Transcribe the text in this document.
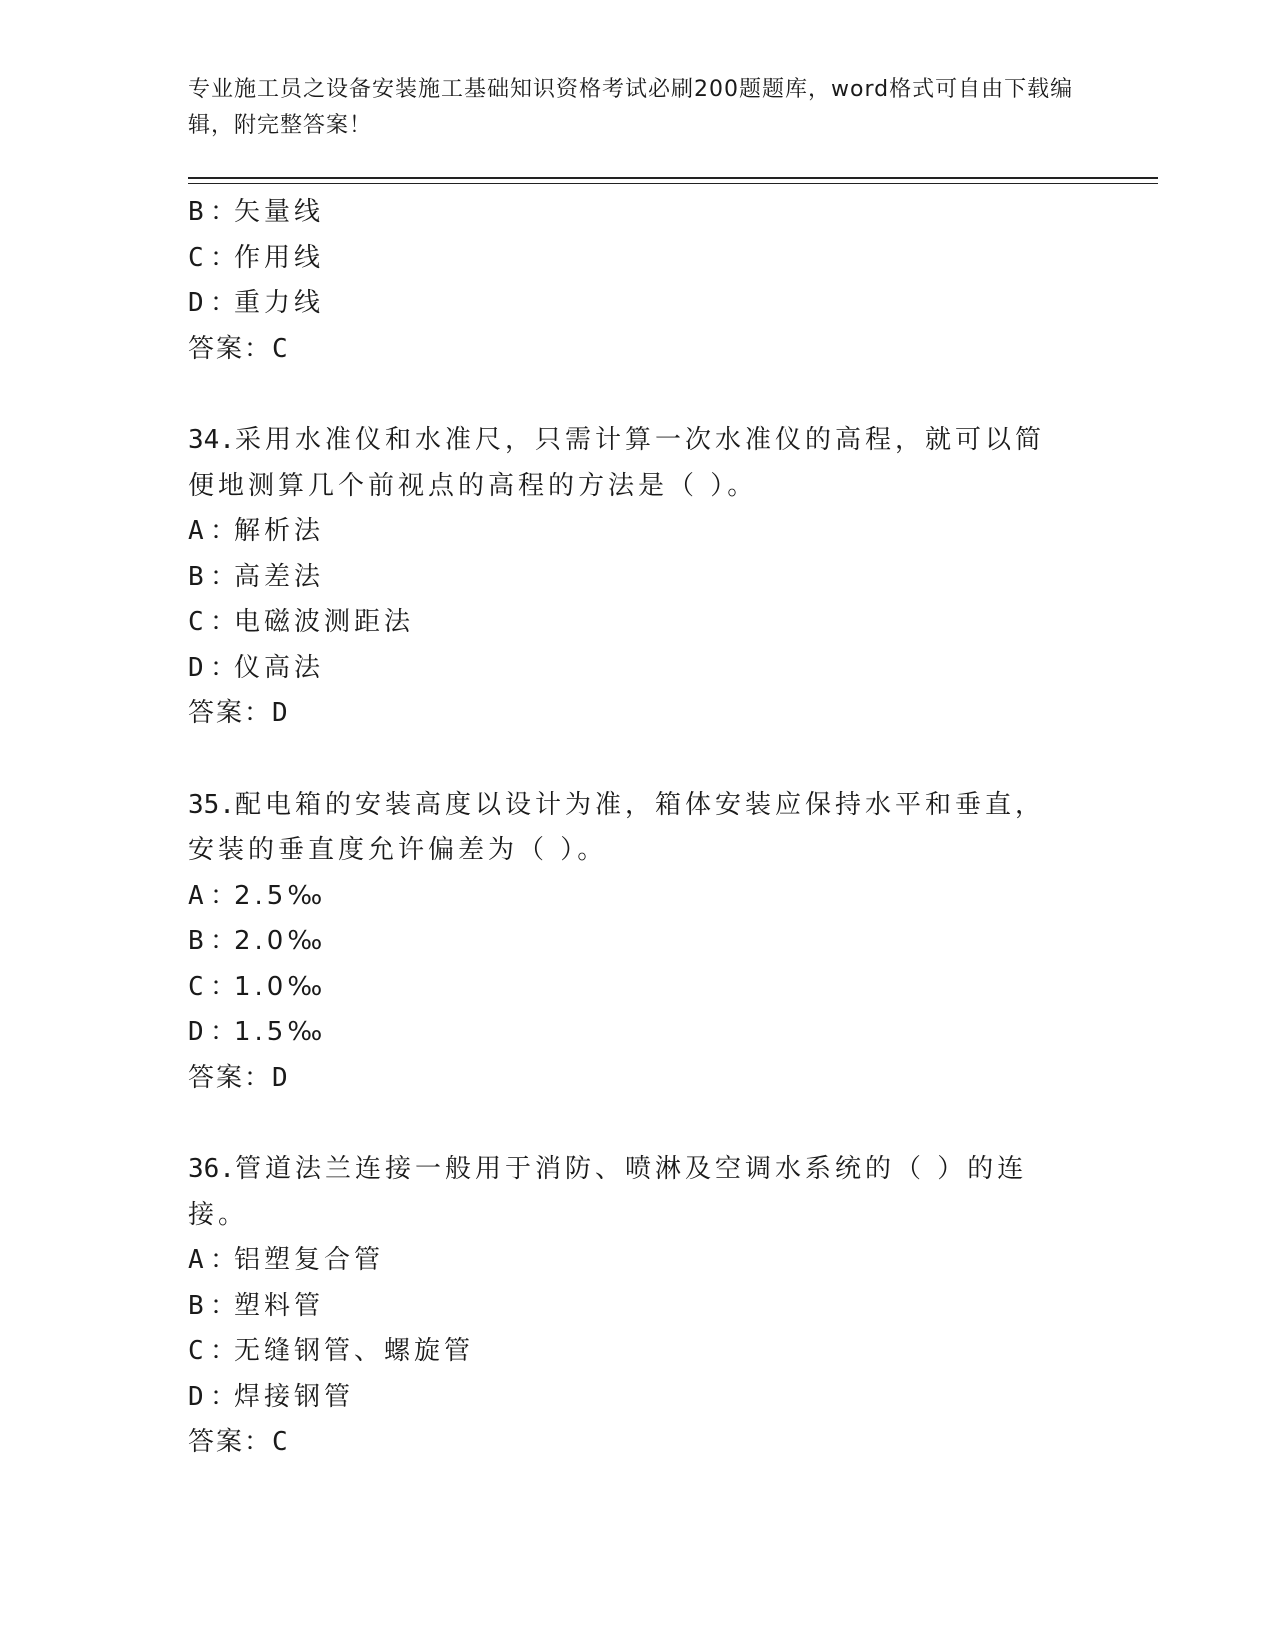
专业施工员之设备安装施工基础知识资格考试必刷200题题库，word格式可自由下载编辑，附完整答案！
B ：
矢量线
C ：
作用线
D ：
重力线
答案：C
34.采用水准仪和水准尺，只需计算一次水准仪的高程，就可以简便地测算几个前视点的高程的方法是（ ）。
A ：
解析法
B ：
高差法
C ：
电磁波测距法
D ：
仪高法
答案：D
35.配电箱的安装高度以设计为准，箱体安装应保持水平和垂直，安装的垂直度允许偏差为（ ）。
A ：
2.5‰
B ：
2.0‰
C ：
1.0‰
D ：
1.5‰
答案：D
36.管道法兰连接一般用于消防、喷淋及空调水系统的（ ）的连接。
A ：
铝塑复合管
B ：
塑料管
C ：
无缝钢管、螺旋管
D ：
焊接钢管
答案：C
